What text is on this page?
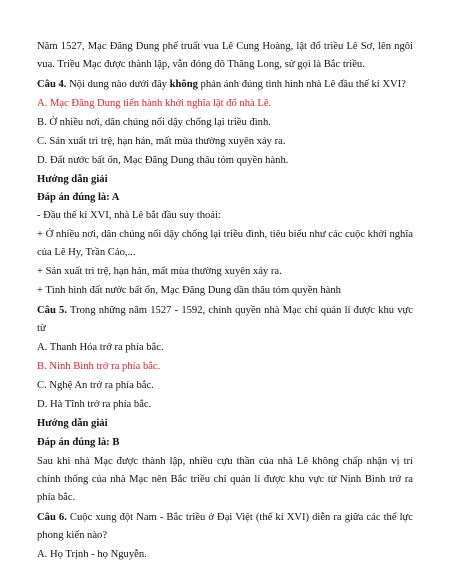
Năm 1527, Mạc Đăng Dung phế truất vua Lê Cung Hoàng, lật đổ triều Lê Sơ, lên ngôi
vua. Triều Mạc được thành lập, vẫn đóng đô Thăng Long, sử gọi là Bắc triều.
Câu 4. Nội dung nào dưới đây không phản ánh đúng tình hình nhà Lê đầu thế kỉ XVI?
A. Mạc Đăng Dung tiến hành khởi nghĩa lật đổ nhà Lê.
B. Ở nhiều nơi, dân chúng nổi dậy chống lại triều đình.
C. Sản xuất trì trệ, hạn hán, mất mùa thường xuyên xảy ra.
D. Đất nước bất ổn, Mạc Đăng Dung thâu tóm quyền hành.
Hướng dẫn giải
Đáp án đúng là: A
- Đầu thế kỉ XVI, nhà Lê bắt đầu suy thoái:
+ Ở nhiều nơi, dân chúng nổi dậy chống lại triều đình, tiêu biểu như các cuộc khởi nghĩa
của Lê Hy, Trần Cảo,...
+ Sản xuất trì trệ, hạn hán, mất mùa thường xuyên xảy ra.
+ Tình hình đất nước bất ổn, Mạc Đăng Dung dần thâu tóm quyền hành
Câu 5. Trong những năm 1527 - 1592, chính quyền nhà Mạc chỉ quản lí được khu vực
từ
A. Thanh Hóa trở ra phía bắc.
B. Ninh Bình trở ra phía bắc.
C. Nghệ An trở ra phía bắc.
D. Hà Tĩnh trở ra phía bắc.
Hướng dẫn giải
Đáp án đúng là: B
Sau khi nhà Mạc được thành lập, nhiều cựu thần của nhà Lê không chấp nhận vị trí
chính thống của nhà Mạc nên Bắc triều chỉ quản lí được khu vực từ Ninh Bình trở ra
phía bắc.
Câu 6. Cuộc xung đột Nam - Bắc triều ở Đại Việt (thế kỉ XVI) diễn ra giữa các thế lực
phong kiến nào?
A. Họ Trịnh - họ Nguyễn.
